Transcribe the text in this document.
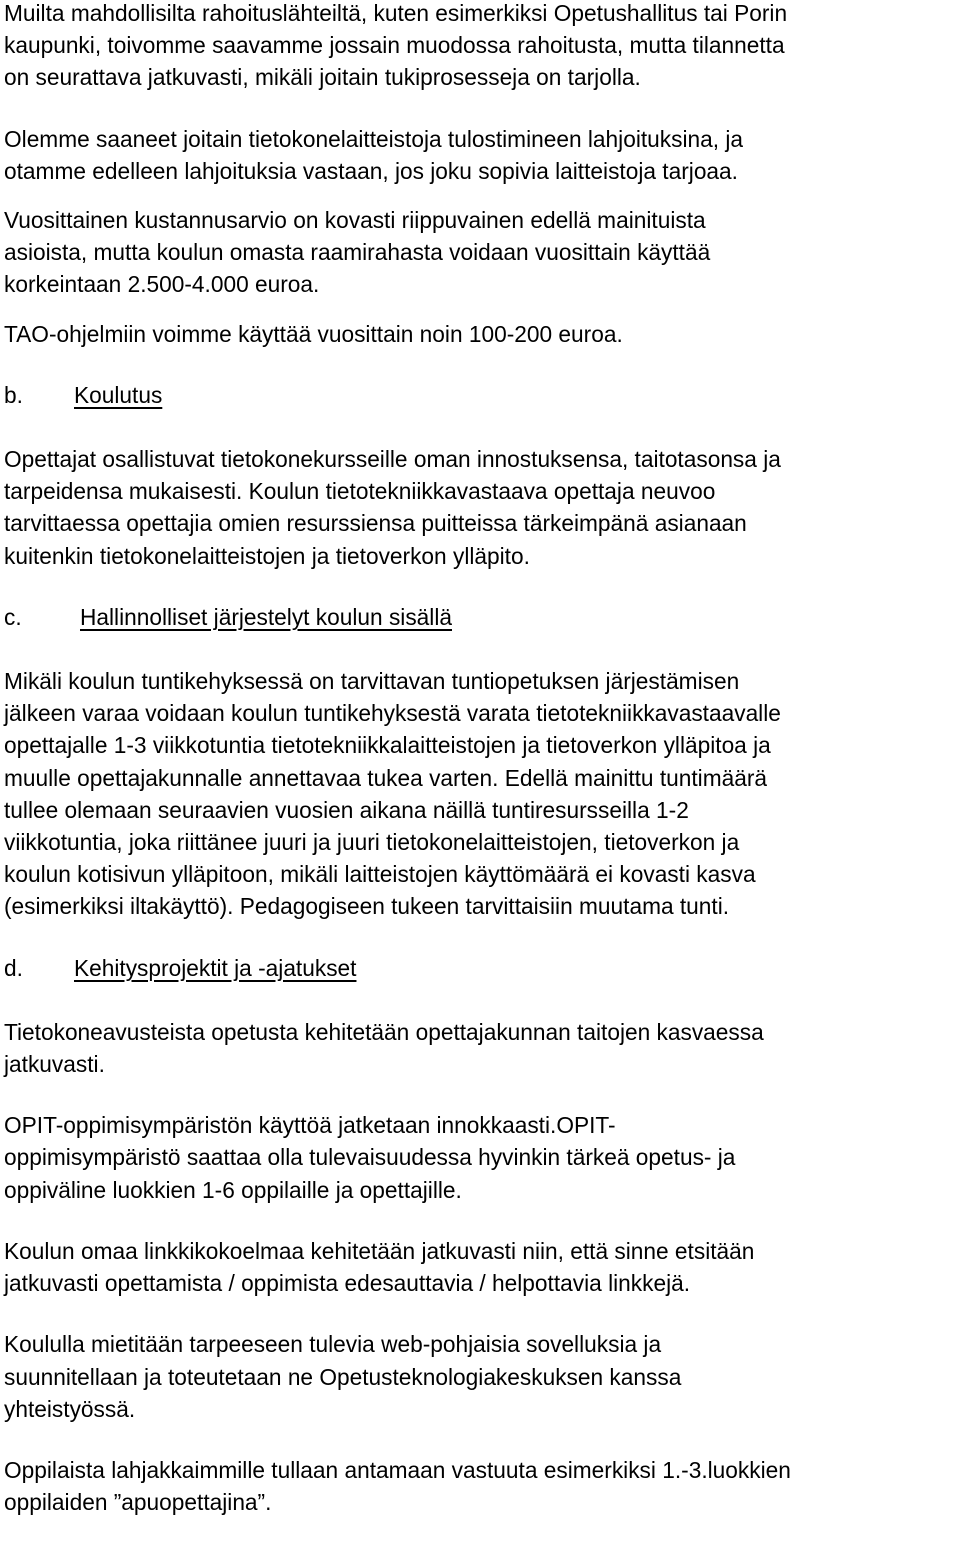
Muilta mahdollisilta rahoituslähteiltä, kuten esimerkiksi Opetushallitus tai Porin
kaupunki, toivomme saavamme jossain muodossa rahoitusta, mutta tilannetta
on seurattava jatkuvasti, mikäli joitain tukiprosesseja on tarjolla.

Olemme saaneet joitain tietokonelaitteistoja tulostimineen lahjoituksina, ja
otamme edelleen lahjoituksia vastaan, jos joku sopivia laitteistoja tarjoaa.

Vuosittainen kustannusarvio on kovasti riippuvainen edellä mainituista
asioista, mutta koulun omasta raamirahasta voidaan vuosittain käyttää
korkeintaan 2.500-4.000 euroa.

TAO-ohjelmiin voimme käyttää vuosittain noin 100-200 euroa.

b. Koulutus

Opettajat osallistuvat tietokonekursseille oman innostuksensa, taitotasonsa ja
tarpeidensa mukaisesti. Koulun tietotekniikkavastaava opettaja neuvoo
tarvittaessa opettajia omien resurssiensa puitteissa tärkeimpänä asianaan
kuitenkin tietokonelaitteistojen ja tietoverkon ylläpito.

c.	Hallinnolliset järjestelyt koulun sisällä

Mikäli koulun tuntikehyksessä on tarvittavan tuntiopetuksen järjestämisen
jälkeen varaa voidaan koulun tuntikehyksestä varata tietotekniikkavastaavalle
opettajalle 1-3 viikkotuntia tietotekniikkalaitteistojen ja tietoverkon ylläpitoa ja
muulle opettajakunnalle annettavaa tukea varten. Edellä mainittu tuntimäärä
tullee olemaan seuraavien vuosien aikana näillä tuntiresursseilla 1-2
viikkotuntia, joka riittänee juuri ja juuri tietokonelaitteistojen, tietoverkon ja
koulun kotisivun ylläpitoon, mikäli laitteistojen käyttömäärä ei kovasti kasva
(esimerkiksi iltakäyttö). Pedagogiseen tukeen tarvittaisiin muutama tunti.

d. Kehitysprojektit ja -ajatukset

Tietokoneavusteista opetusta kehitetään opettajakunnan taitojen kasvaessa
jatkuvasti.

OPIT-oppimisympäristön käyttöä jatketaan innokkaasti.OPIT-
oppimisympäristö saattaa olla tulevaisuudessa hyvinkin tärkeä opetus- ja
oppiväline luokkien 1-6 oppilaille ja opettajille.

Koulun omaa linkkikokoelmaa kehitetään jatkuvasti niin, että sinne etsitään
jatkuvasti opettamista / oppimista edesauttavia / helpottavia linkkejä.

Koululla mietitään tarpeeseen tulevia web-pohjaisia sovelluksia ja
suunnitellaan ja toteutetaan ne Opetusteknologiakeskuksen kanssa
yhteistyössä.

Oppilaista lahjakkaimmille tullaan antamaan vastuuta esimerkiksi 1.-3.luokkien
oppilaiden ”apuopettajina”.
